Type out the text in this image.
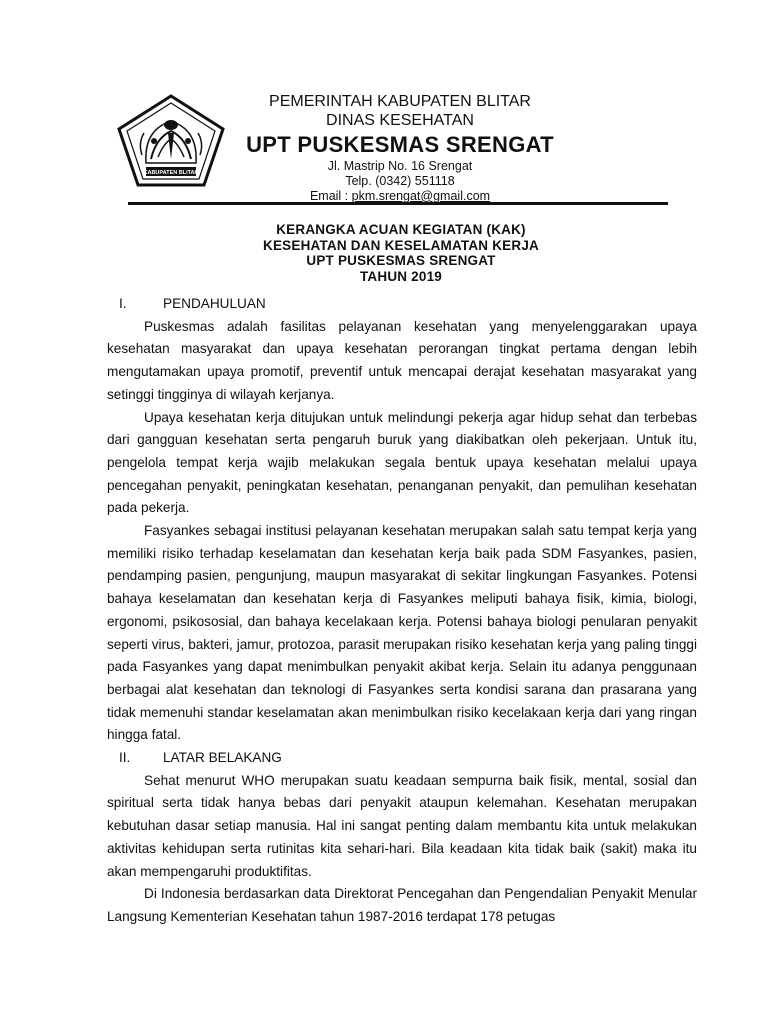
KABUPATEN BLITAR
PEMERINTAH KABUPATEN BLITAR
DINAS KESEHATAN
UPT PUSKESMAS SRENGAT
Jl. Mastrip No. 16 Srengat
Telp. (0342) 551118
Email : pkm.srengat@gmail.com
KERANGKA ACUAN KEGIATAN (KAK)
KESEHATAN DAN KESELAMATAN KERJA
UPT PUSKESMAS SRENGAT
TAHUN 2019
I.	PENDAHULUAN

Puskesmas adalah fasilitas pelayanan kesehatan yang menyelenggarakan upaya kesehatan masyarakat dan upaya kesehatan perorangan tingkat pertama dengan lebih mengutamakan upaya promotif, preventif untuk mencapai derajat kesehatan masyarakat yang setinggi tingginya di wilayah kerjanya.

Upaya kesehatan kerja ditujukan untuk melindungi pekerja agar hidup sehat dan terbebas dari gangguan kesehatan serta pengaruh buruk yang diakibatkan oleh pekerjaan. Untuk itu, pengelola tempat kerja wajib melakukan segala bentuk upaya kesehatan melalui upaya pencegahan penyakit, peningkatan kesehatan, penanganan penyakit, dan pemulihan kesehatan pada pekerja.

Fasyankes sebagai institusi pelayanan kesehatan merupakan salah satu tempat kerja yang memiliki risiko terhadap keselamatan dan kesehatan kerja baik pada SDM Fasyankes, pasien, pendamping pasien, pengunjung, maupun masyarakat di sekitar lingkungan Fasyankes. Potensi bahaya keselamatan dan kesehatan kerja di Fasyankes meliputi bahaya fisik, kimia, biologi, ergonomi, psikososial, dan bahaya kecelakaan kerja. Potensi bahaya biologi penularan penyakit seperti virus, bakteri, jamur, protozoa, parasit merupakan risiko kesehatan kerja yang paling tinggi pada Fasyankes yang dapat menimbulkan penyakit akibat kerja. Selain itu adanya penggunaan berbagai alat kesehatan dan teknologi di Fasyankes serta kondisi sarana dan prasarana yang tidak memenuhi standar keselamatan akan menimbulkan risiko kecelakaan kerja dari yang ringan hingga fatal.

II.	LATAR BELAKANG

Sehat menurut WHO merupakan suatu keadaan sempurna baik fisik, mental, sosial dan spiritual serta tidak hanya bebas dari penyakit ataupun kelemahan. Kesehatan merupakan kebutuhan dasar setiap manusia. Hal ini sangat penting dalam membantu kita untuk melakukan aktivitas kehidupan serta rutinitas kita sehari-hari. Bila keadaan kita tidak baik (sakit) maka itu akan mempengaruhi produktifitas.

Di Indonesia berdasarkan data Direktorat Pencegahan dan Pengendalian Penyakit Menular Langsung Kementerian Kesehatan tahun 1987-2016 terdapat 178 petugas
